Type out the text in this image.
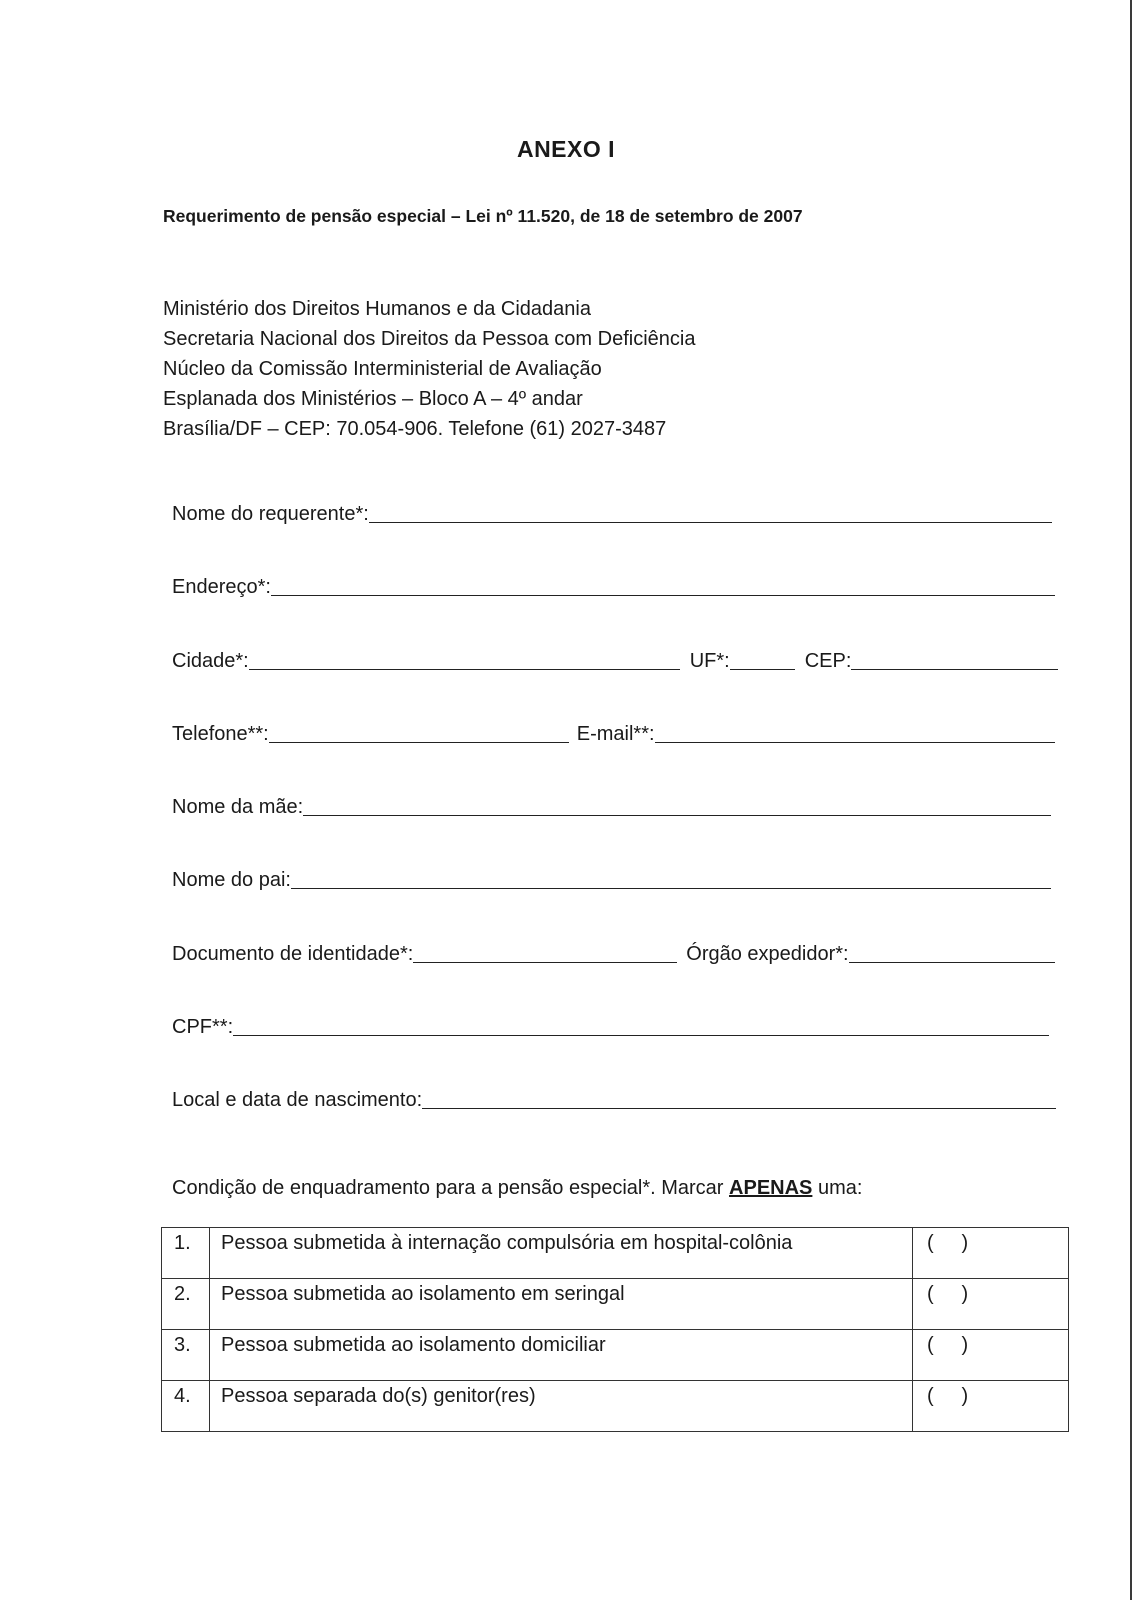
ANEXO I
Requerimento de pensão especial – Lei nº 11.520, de 18 de setembro de 2007
Ministério dos Direitos Humanos e da Cidadania
Secretaria Nacional dos Direitos da Pessoa com Deficiência
Núcleo da Comissão Interministerial de Avaliação
Esplanada dos Ministérios – Bloco A – 4º andar
Brasília/DF – CEP: 70.054-906. Telefone (61) 2027-3487
Nome do requerente*:
Endereço*:
Cidade*:	UF*:	CEP:
Telefone**:	E-mail**:
Nome da mãe:
Nome do pai:
Documento de identidade*:	Órgão expedidor*:
CPF**:
Local e data de nascimento:
Condição de enquadramento para a pensão especial*. Marcar APENAS uma:
1.	Pessoa submetida à internação compulsória em hospital-colônia	(     )
2.	Pessoa submetida ao isolamento em seringal	(     )
3.	Pessoa submetida ao isolamento domiciliar	(     )
4.	Pessoa separada do(s) genitor(res)	(     )
